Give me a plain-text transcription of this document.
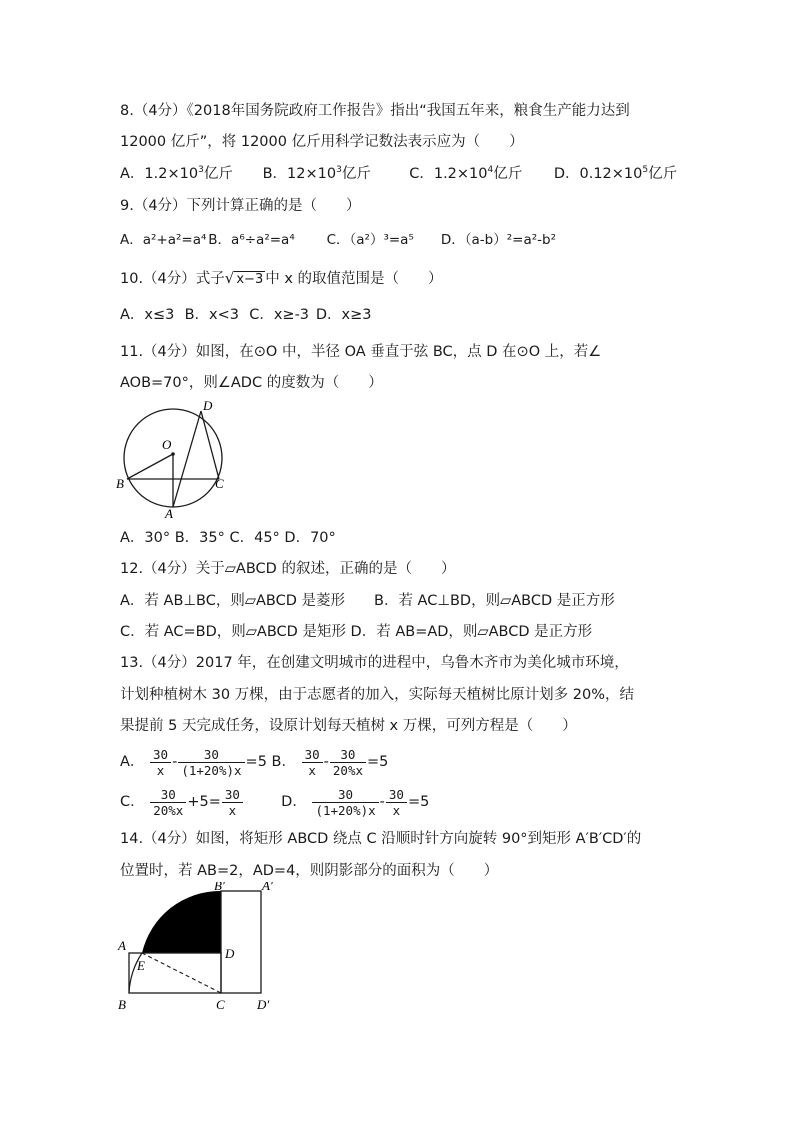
8.（4分）《2018年国务院政府工作报告》指出“我国五年来，粮食生产能力达到
12000 亿斤”，将 12000 亿斤用科学记数法表示应为（　　）
A．$1.2\times 10^3$亿斤 B．$12\times 10^3$亿斤	C．$1.2\times 10^4$亿斤 D．$0.12\times 10^5$亿斤
9.（4分）下列计算正确的是（　　）
A．a²+a²=a⁴ B．a⁶÷a²=a⁴ C．（a²）³=a⁵ D．（a-b）²=a²-b²
10.（4分）式子√ x−3 中 x 的取值范围是（　　）
A．x≤3 B．x<3 C．x≥-3 D．x≥3
11.（4分）如图，在⊙O 中，半径 OA 垂直于弦 BC，点 D 在⊙O 上，若∠
AOB=70°，则∠ADC 的度数为（　　）
O
D
B	C
A
A．30° B．35° C．45° D．70°
12.（4分）关于▱ABCD 的叙述，正确的是（　　）
A．若 AB⊥BC，则▱ABCD 是菱形　　B．若 AC⊥BD，则▱ABCD 是正方形
C．若 AC=BD，则▱ABCD 是矩形 D．若 AB=AD，则▱ABCD 是正方形
13.（4分）2017 年，在创建文明城市的进程中，乌鲁木齐市为美化城市环境，
计划种植树木 30 万棵，由于志愿者的加入，实际每天植树比原计划多 20%，结
果提前 5 天完成任务，设原计划每天植树 x 万棵，可列方程是（　　）
A． $\frac{30}{x} - \frac{30}{(1+20\%)x} =5$ B． $\frac{30}{x} - \frac{30}{20\%x} =5$
C． $\frac{30}{20\%x} +5= \frac{30}{x}$	D． $\frac{30}{(1+20\%)x} - \frac{30}{x} =5$
14.（4分）如图，将矩形 ABCD 绕点 C 沿顺时针方向旋转 90°到矩形 A′B′CD′的
位置时，若 AB=2，AD=4，则阴影部分的面积为（　　）
B′	A′
A
D
E
B	C D′
